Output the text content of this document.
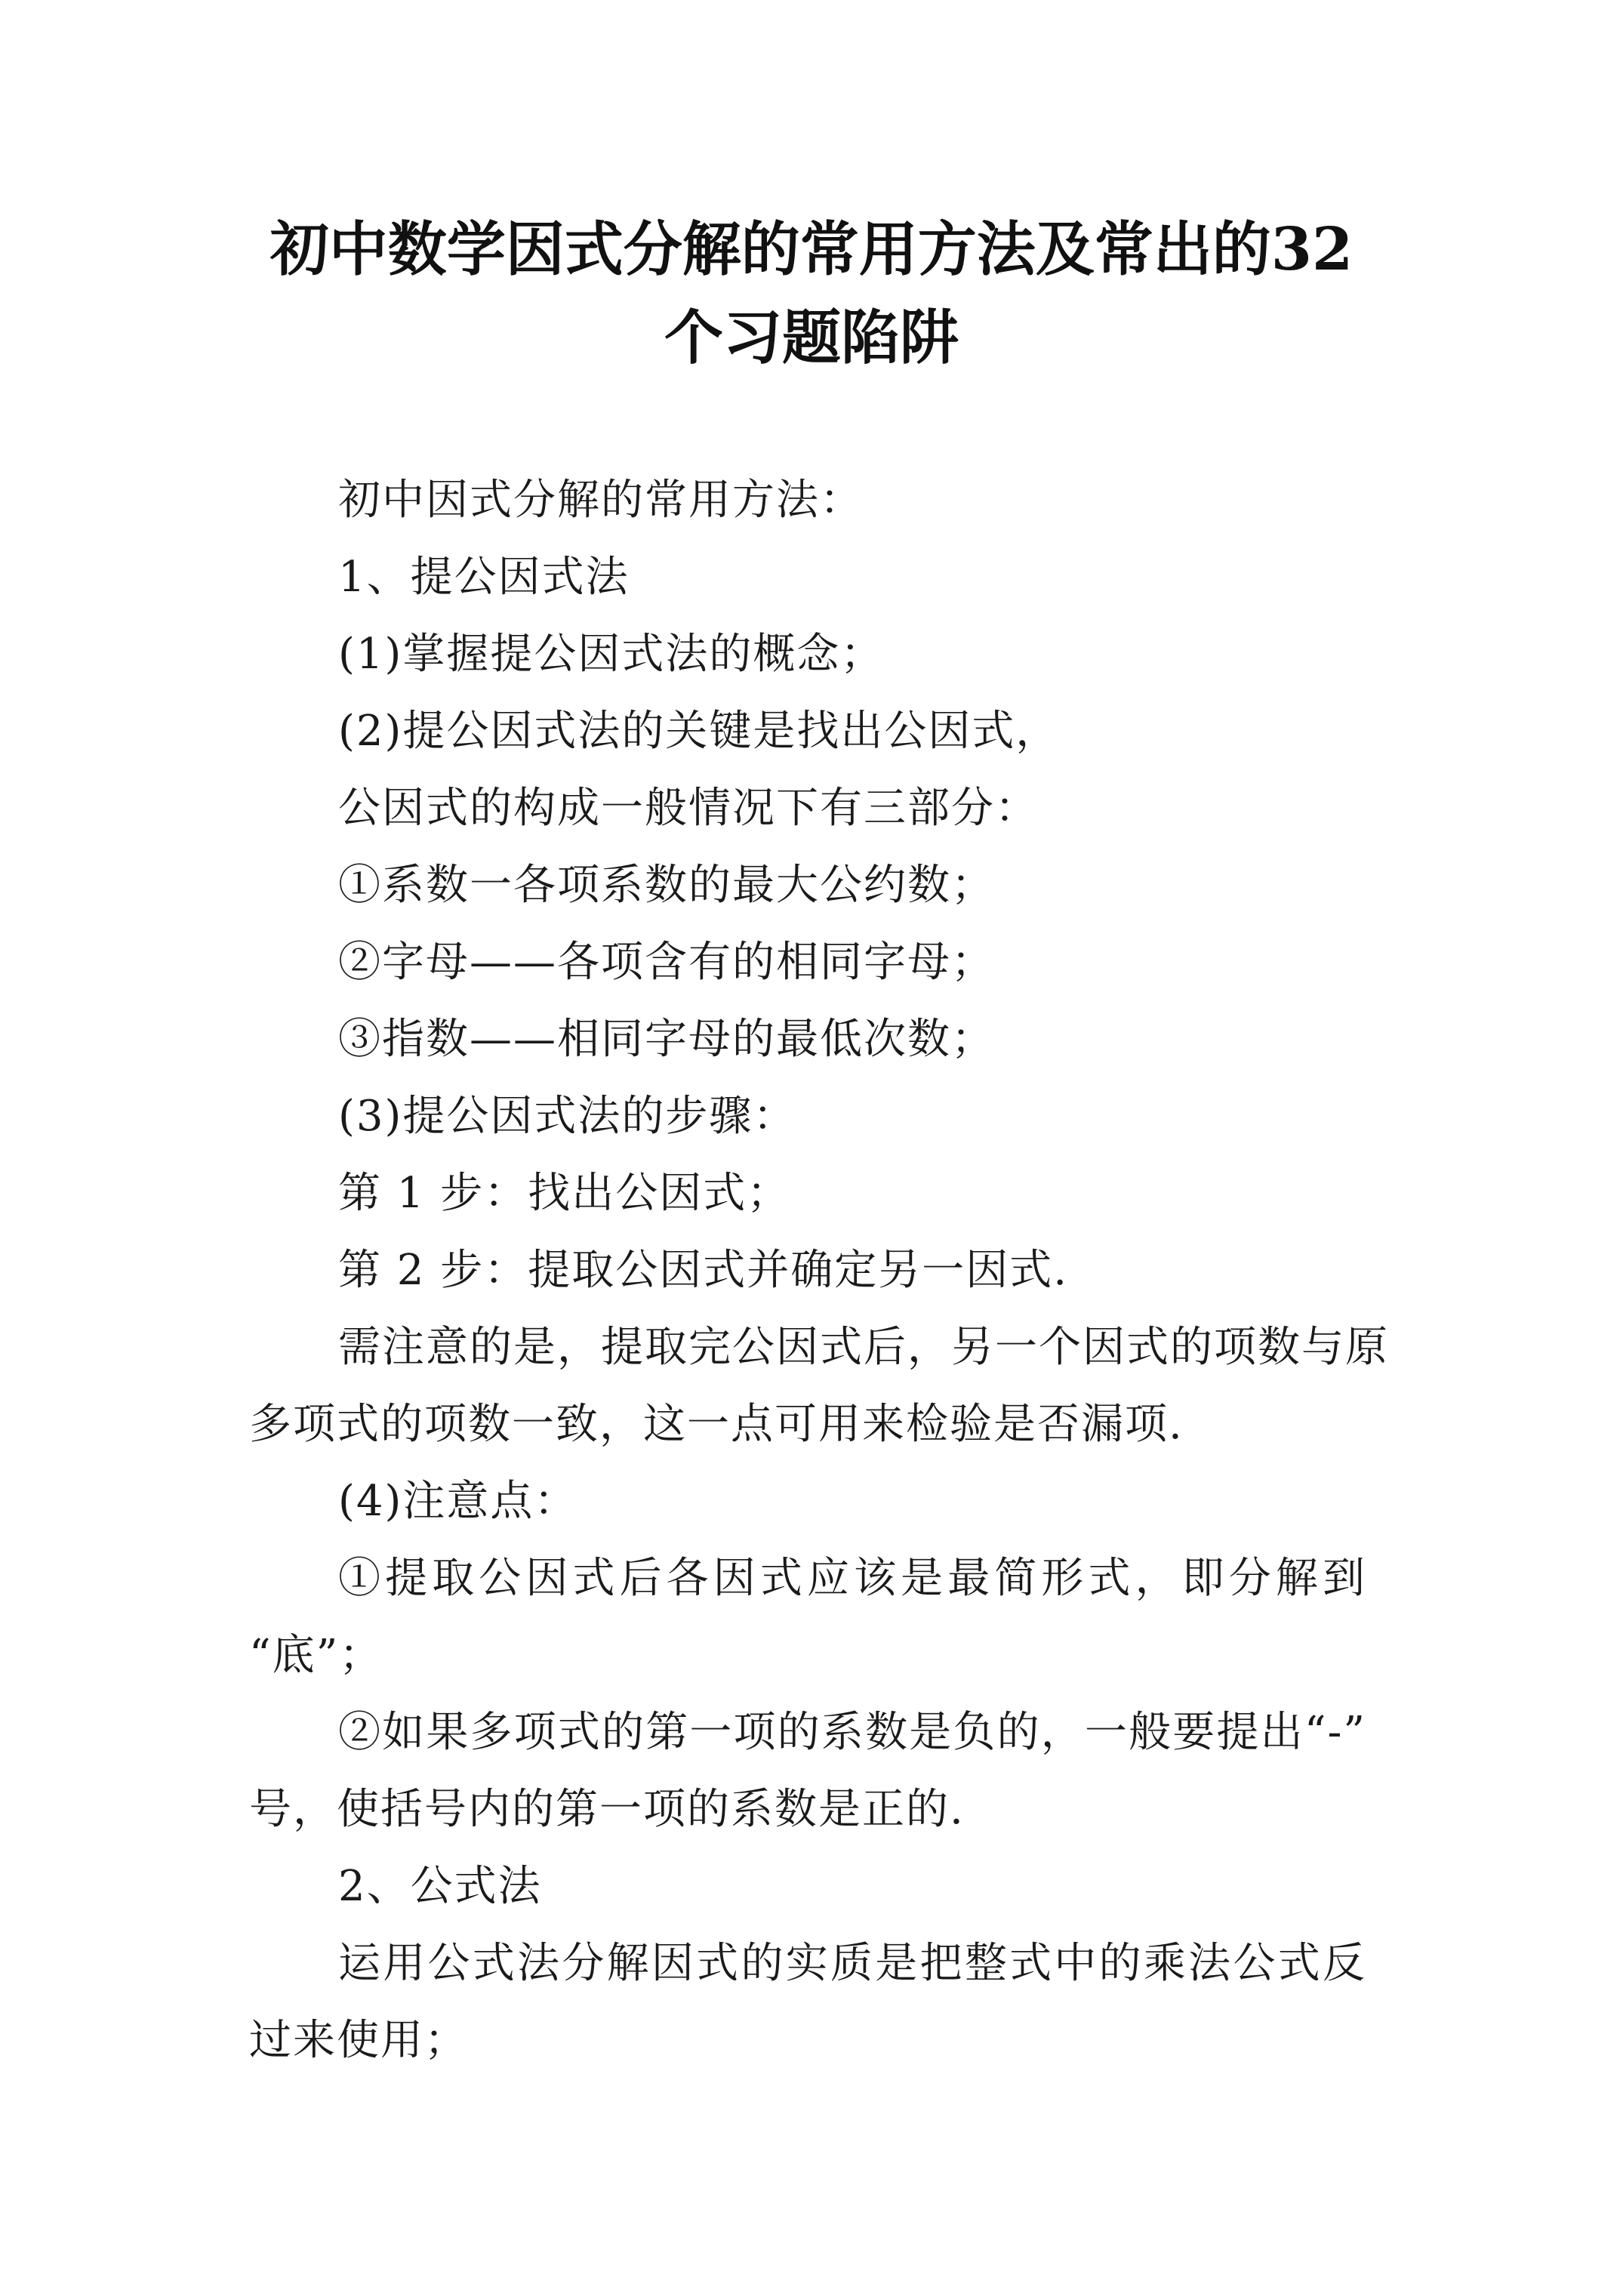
初中数学因式分解的常用方法及常出的32
个习题陷阱
初中因式分解的常用方法：
1、提公因式法
(1)掌握提公因式法的概念；
(2)提公因式法的关键是找出公因式，
公因式的构成一般情况下有三部分：
①系数一各项系数的最大公约数；
②字母——各项含有的相同字母；
③指数——相同字母的最低次数；
(3)提公因式法的步骤：
第 1 步：找出公因式；
第 2 步：提取公因式并确定另一因式.
需注意的是，提取完公因式后，另一个因式的项数与原
多项式的项数一致，这一点可用来检验是否漏项.
(4)注意点：
①提取公因式后各因式应该是最简形式，即分解到
“底”；
②如果多项式的第一项的系数是负的，一般要提出“-”
号，使括号内的第一项的系数是正的.
2、公式法
运用公式法分解因式的实质是把整式中的乘法公式反
过来使用；
